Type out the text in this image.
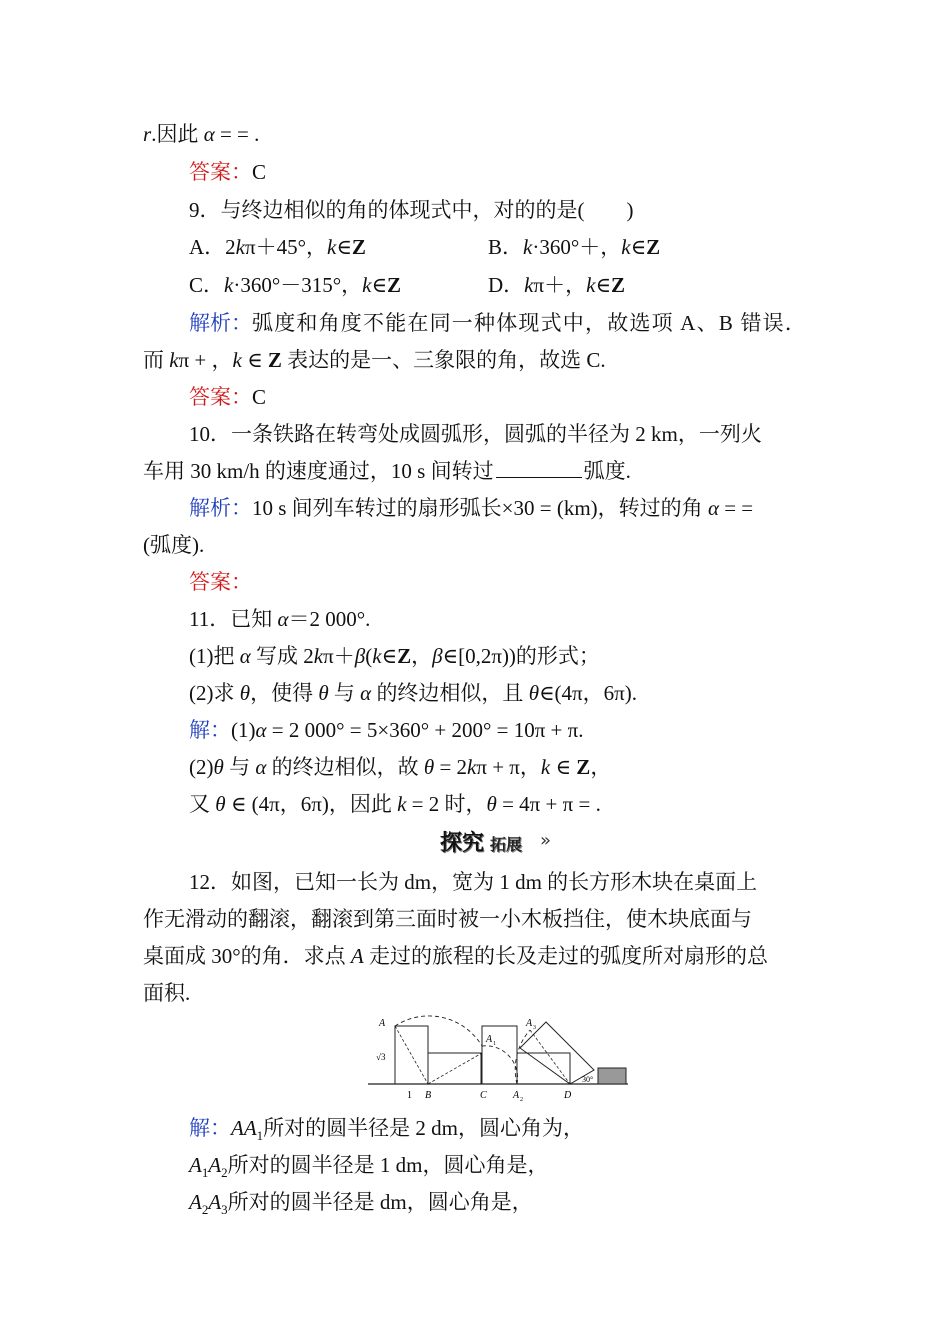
r.因此 α = = .
答案：C
9．与终边相似的角的体现式中，对的的是(　　)
A．2kπ＋45°，k∈Z	B．k·360°＋，k∈Z
C．k·360°－315°，k∈Z	D．kπ＋，k∈Z
解析：弧度和角度不能在同一种体现式中，故选项 A、B 错误．
而 kπ + ，k ∈ Z 表达的是一、三象限的角，故选 C.
答案：C
10．一条铁路在转弯处成圆弧形，圆弧的半径为 2 km，一列火
车用 30 km/h 的速度通过，10 s 间转过	弧度.
解析：10 s 间列车转过的扇形弧长×30 = (km)，转过的角 α = =
(弧度).
答案：
11．已知 α＝2 000°.
(1)把 α 写成 2kπ＋β(k∈Z，β∈[0,2π))的形式；
(2)求 θ，使得 θ 与 α 的终边相似，且 θ∈(4π，6π).
解：(1)α = 2 000° = 5×360° + 200° = 10π + π.
(2)θ 与 α 的终边相似，故 θ = 2kπ + π，k ∈ Z，
又 θ ∈ (4π，6π)，因此 k = 2 时，θ = 4π + π = .
探究 拓展 »
12．如图，已知一长为 dm，宽为 1 dm 的长方形木块在桌面上
作无滑动的翻滚，翻滚到第三面时被一小木板挡住，使木块底面与
桌面成 30°的角．求点 A 走过的旅程的长及走过的弧度所对扇形的总
面积.
A
√3
1 B	C
A 1
A 2
A 3
D
30°
解：$AA_1$所对的圆半径是 2 dm，圆心角为，
$A_1A_2$所对的圆半径是 1 dm，圆心角是，
$A_2A_3$所对的圆半径是 dm，圆心角是，
